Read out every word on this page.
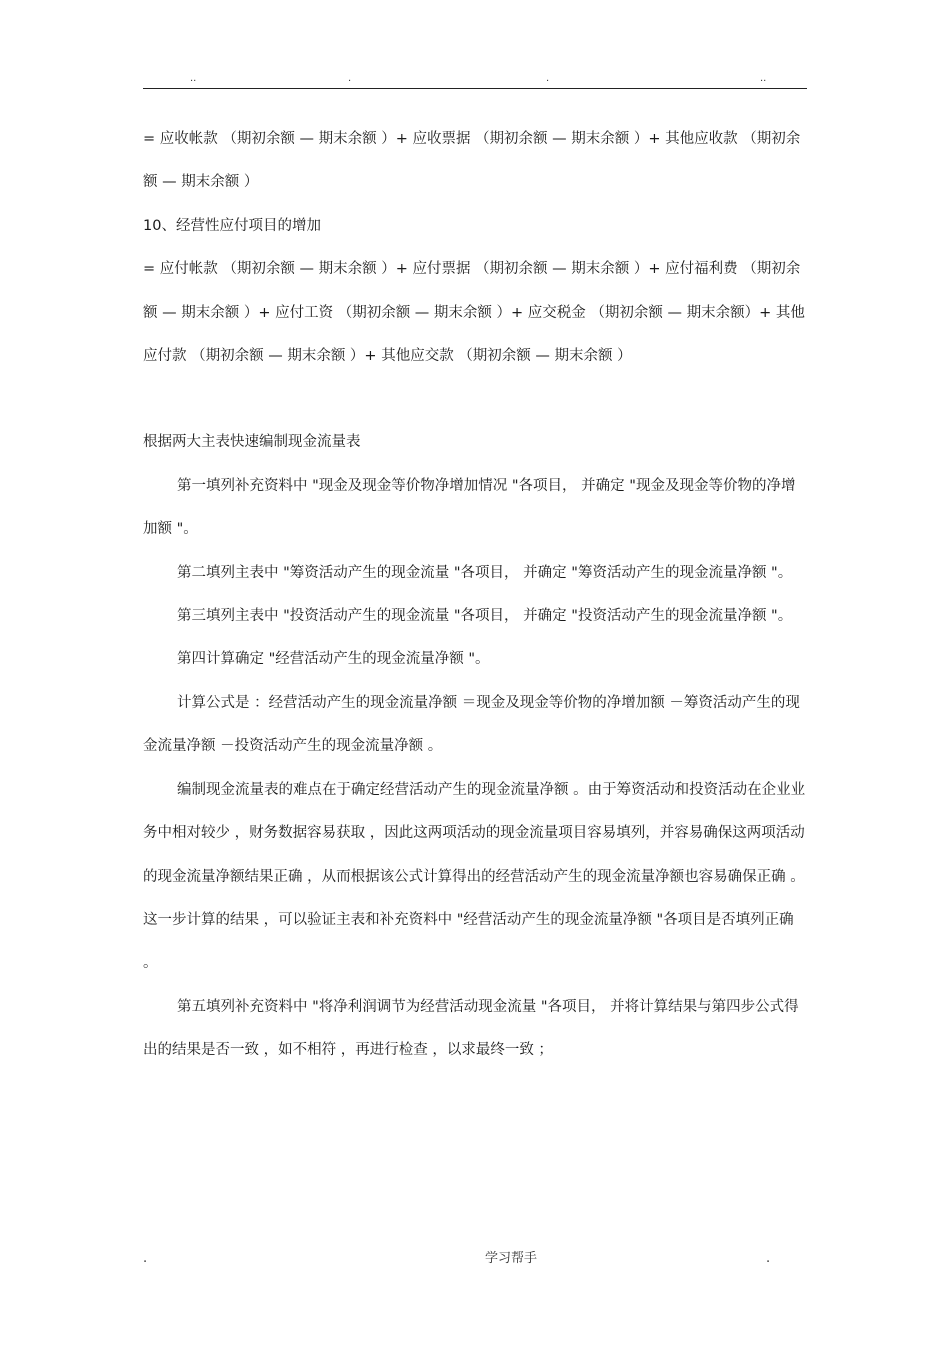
..	.	.	..

= 应收帐款 （期初余额 — 期末余额 ）+ 应收票据 （期初余额 — 期末余额 ）+ 其他应收款 （期初余额 — 期末余额 ）

10、经营性应付项目的增加

= 应付帐款 （期初余额 — 期末余额 ）+ 应付票据 （期初余额 — 期末余额 ）+ 应付福利费 （期初余额 — 期末余额 ）+ 应付工资 （期初余额 — 期末余额 ）+ 应交税金 （期初余额 — 期末余额）+ 其他应付款 （期初余额 — 期末余额 ）+ 其他应交款 （期初余额 — 期末余额 ）

根据两大主表快速编制现金流量表

第一填列补充资料中 "现金及现金等价物净增加情况 "各项目， 并确定 "现金及现金等价物的净增加额 "。

第二填列主表中 "筹资活动产生的现金流量 "各项目， 并确定 "筹资活动产生的现金流量净额 "。

第三填列主表中 "投资活动产生的现金流量 "各项目， 并确定 "投资活动产生的现金流量净额 "。

第四计算确定 "经营活动产生的现金流量净额 "。

计算公式是 ：经营活动产生的现金流量净额 ＝现金及现金等价物的净增加额 －筹资活动产生的现金流量净额 －投资活动产生的现金流量净额 。

编制现金流量表的难点在于确定经营活动产生的现金流量净额 。由于筹资活动和投资活动在企业业务中相对较少 ，财务数据容易获取 ，因此这两项活动的现金流量项目容易填列，并容易确保这两项活动的现金流量净额结果正确 ，从而根据该公式计算得出的经营活动产生的现金流量净额也容易确保正确 。这一步计算的结果 ，可以验证主表和补充资料中 "经营活动产生的现金流量净额 "各项目是否填列正确 。

第五填列补充资料中 "将净利润调节为经营活动现金流量 "各项目， 并将计算结果与第四步公式得出的结果是否一致 ，如不相符 ，再进行检查 ，以求最终一致 ；

.	学习帮手	.
